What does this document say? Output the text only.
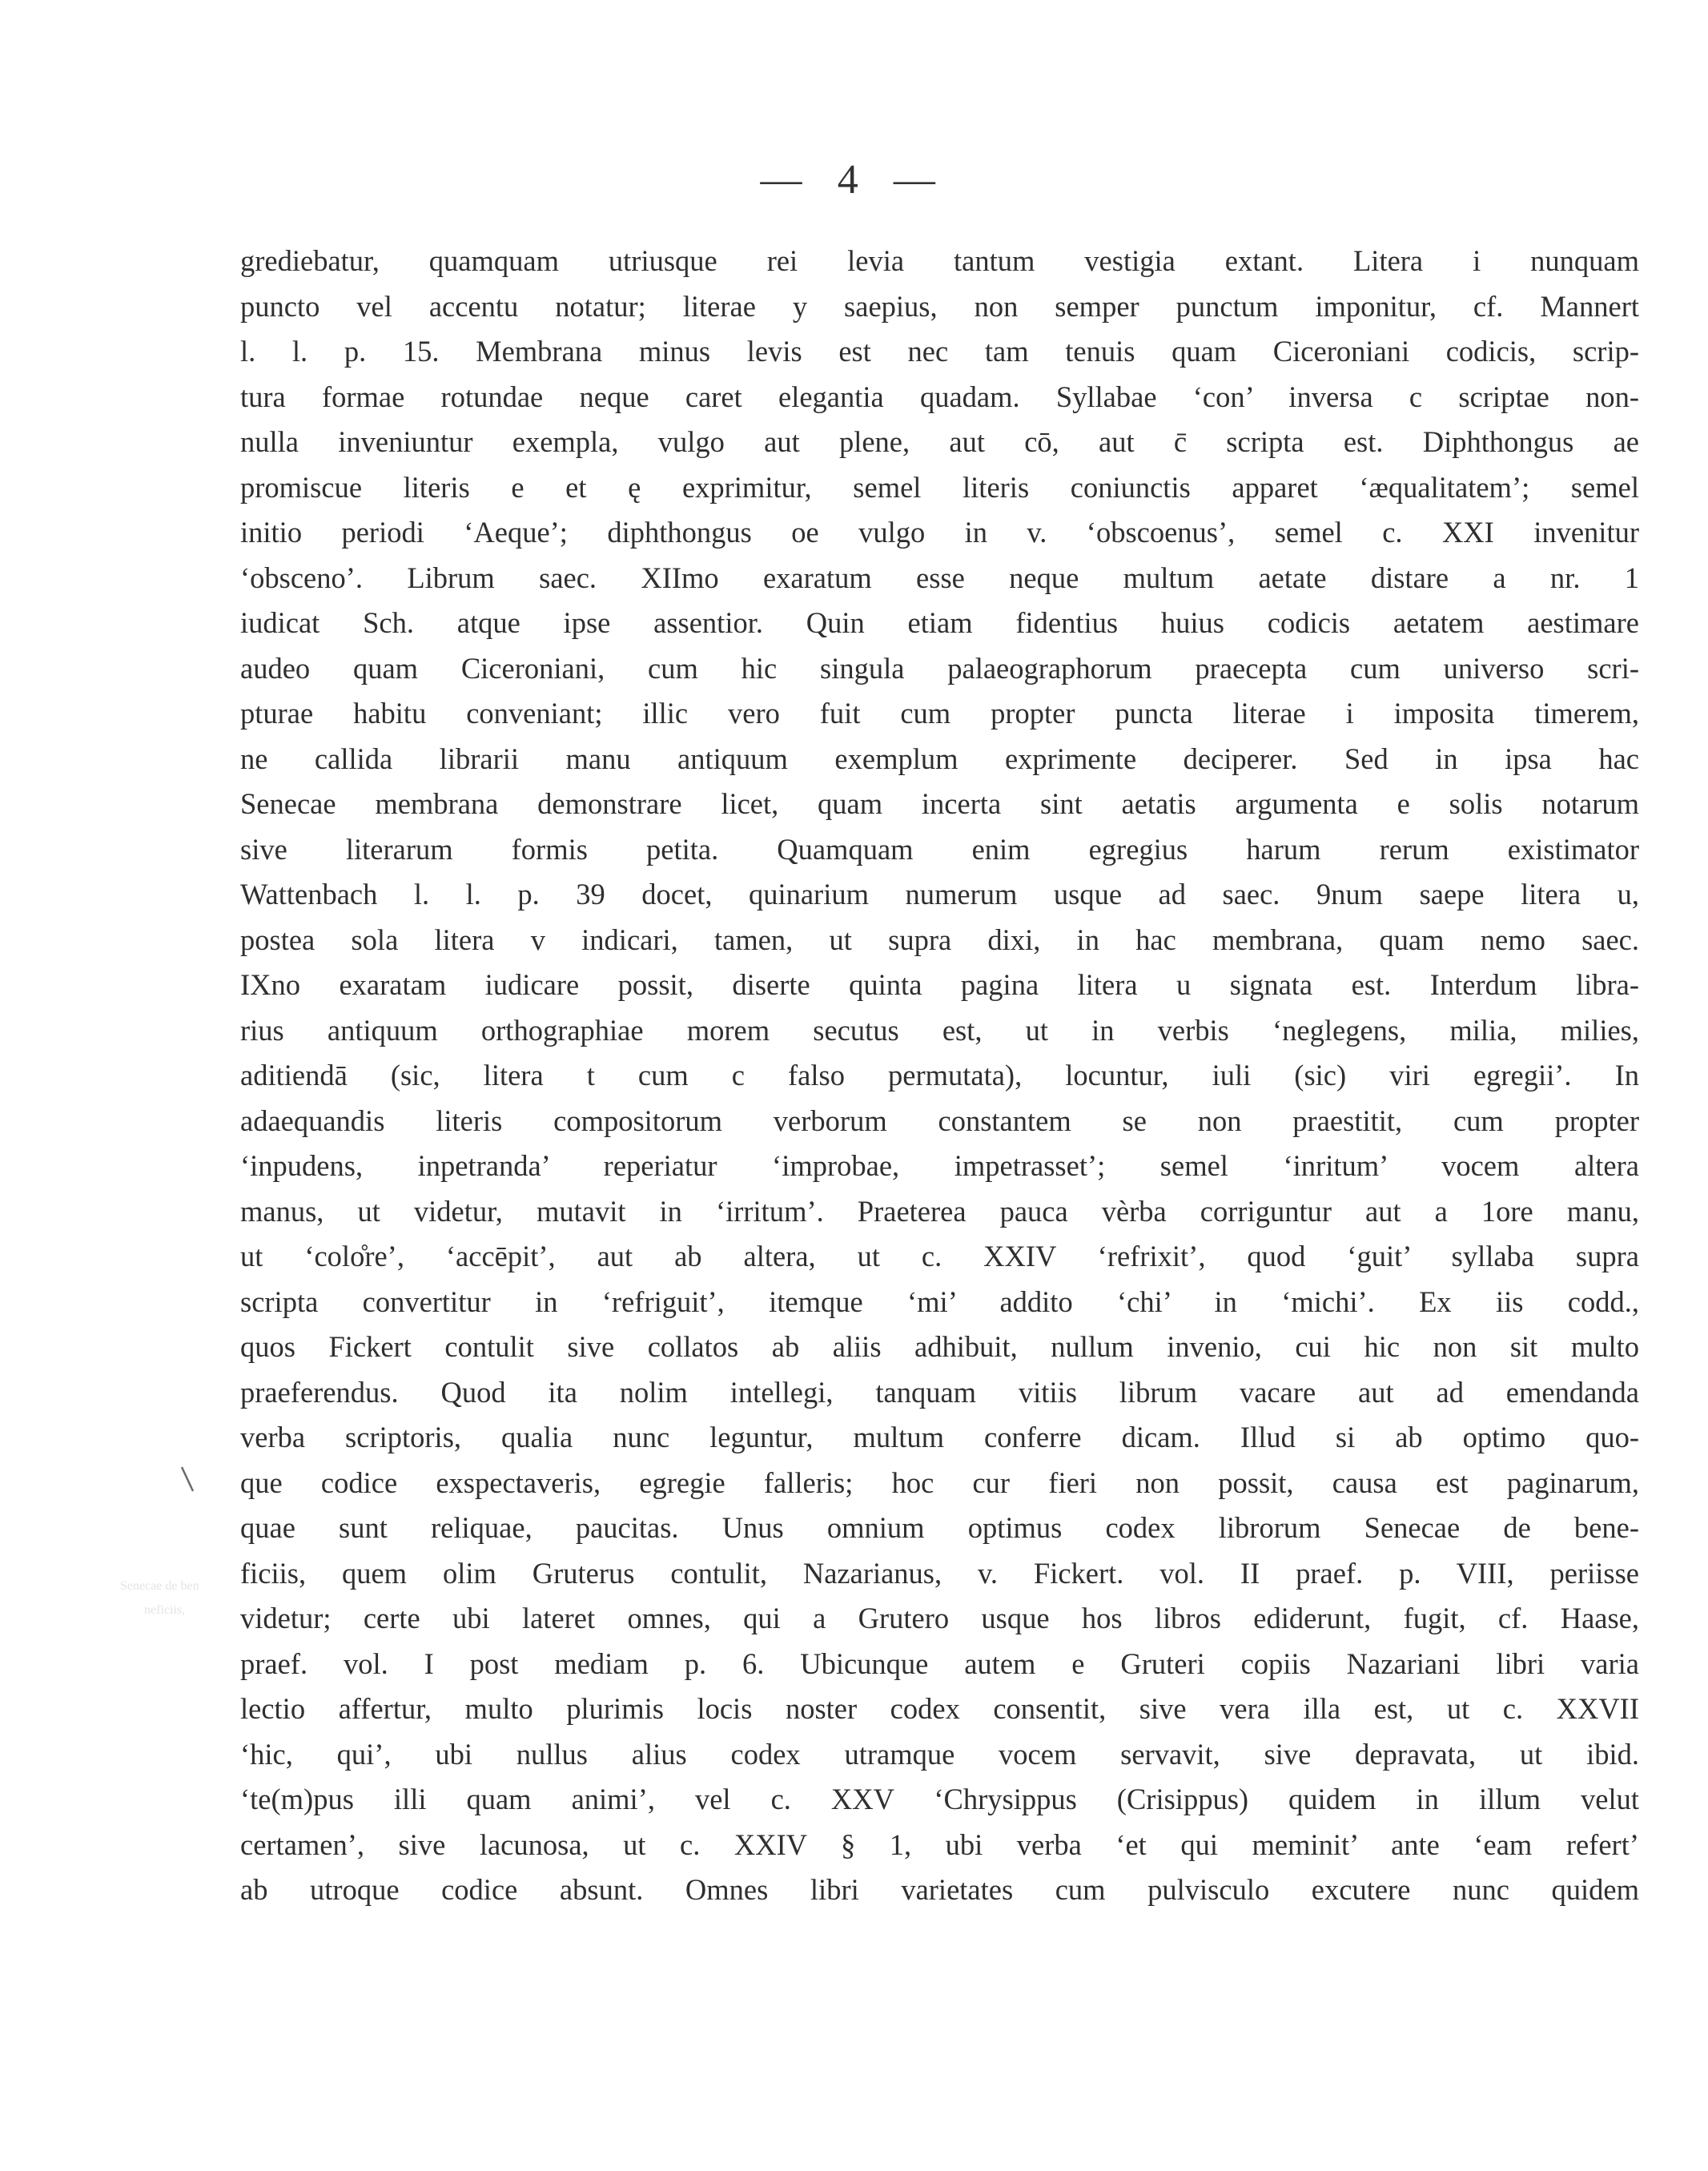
— 4 —
grediebatur, quamquam utriusque rei levia tantum vestigia extant. Litera i nunquam
puncto vel accentu notatur; literae y saepius, non semper punctum imponitur, cf. Mannert
l. l. p. 15. Membrana minus levis est nec tam tenuis quam Ciceroniani codicis, scrip-
tura formae rotundae neque caret elegantia quadam. Syllabae ‘con’ inversa c scriptae non-
nulla inveniuntur exempla, vulgo aut plene, aut cō, aut c̄ scripta est. Diphthongus ae
promiscue literis e et ę exprimitur, semel literis coniunctis apparet ‘æqualitatem’; semel
initio periodi ‘Aeque’; diphthongus oe vulgo in v. ‘obscoenus’, semel c. XXI invenitur
‘obsceno’. Librum saec. XIImo exaratum esse neque multum aetate distare a nr. 1
iudicat Sch. atque ipse assentior. Quin etiam fidentius huius codicis aetatem aestimare
audeo quam Ciceroniani, cum hic singula palaeographorum praecepta cum universo scri-
pturae habitu conveniant; illic vero fuit cum propter puncta literae i imposita timerem,
ne callida librarii manu antiquum exemplum exprimente deciperer. Sed in ipsa hac
Senecae membrana demonstrare licet, quam incerta sint aetatis argumenta e solis notarum
sive literarum formis petita. Quamquam enim egregius harum rerum existimator
Wattenbach l. l. p. 39 docet, quinarium numerum usque ad saec. 9num saepe litera u,
postea sola litera v indicari, tamen, ut supra dixi, in hac membrana, quam nemo saec.
IXno exaratam iudicare possit, diserte quinta pagina litera u signata est. Interdum libra-
rius antiquum orthographiae morem secutus est, ut in verbis ‘neglegens, milia, milies,
aditiendā (sic, litera t cum c falso permutata), locuntur, iuli (sic) viri egregii’. In
adaequandis literis compositorum verborum constantem se non praestitit, cum propter
‘inpudens, inpetranda’ reperiatur ‘improbae, impetrasset’; semel ‘inritum’ vocem altera
manus, ut videtur, mutavit in ‘irritum’. Praeterea pauca vèrba corriguntur aut a 1ore manu,
ut ‘colo̊re’, ‘accēpit’, aut ab altera, ut c. XXIV ‘refrixit’, quod ‘guit’ syllaba supra
scripta convertitur in ‘refriguit’, itemque ‘mi’ addito ‘chi’ in ‘michi’. Ex iis codd.,
quos Fickert contulit sive collatos ab aliis adhibuit, nullum invenio, cui hic non sit multo
praeferendus. Quod ita nolim intellegi, tanquam vitiis librum vacare aut ad emendanda
verba scriptoris, qualia nunc leguntur, multum conferre dicam. Illud si ab optimo quo-
que codice exspectaveris, egregie falleris; hoc cur fieri non possit, causa est paginarum,
quae sunt reliquae, paucitas. Unus omnium optimus codex librorum Senecae de bene-
ficiis, quem olim Gruterus contulit, Nazarianus, v. Fickert. vol. II praef. p. VIII, periisse
videtur; certe ubi lateret omnes, qui a Grutero usque hos libros ediderunt, fugit, cf. Haase,
praef. vol. I post mediam p. 6. Ubicunque autem e Gruteri copiis Nazariani libri varia
lectio affertur, multo plurimis locis noster codex consentit, sive vera illa est, ut c. XXVII
‘hic, qui’, ubi nullus alius codex utramque vocem servavit, sive depravata, ut ibid.
‘te(m)pus illi quam animi’, vel c. XXV ‘Chrysippus (Crisippus) quidem in illum velut
certamen’, sive lacunosa, ut c. XXIV § 1, ubi verba ‘et qui meminit’ ante ‘eam refert’
ab utroque codice absunt. Omnes libri varietates cum pulvisculo excutere nunc quidem
Senecae de ben
neficiis,
